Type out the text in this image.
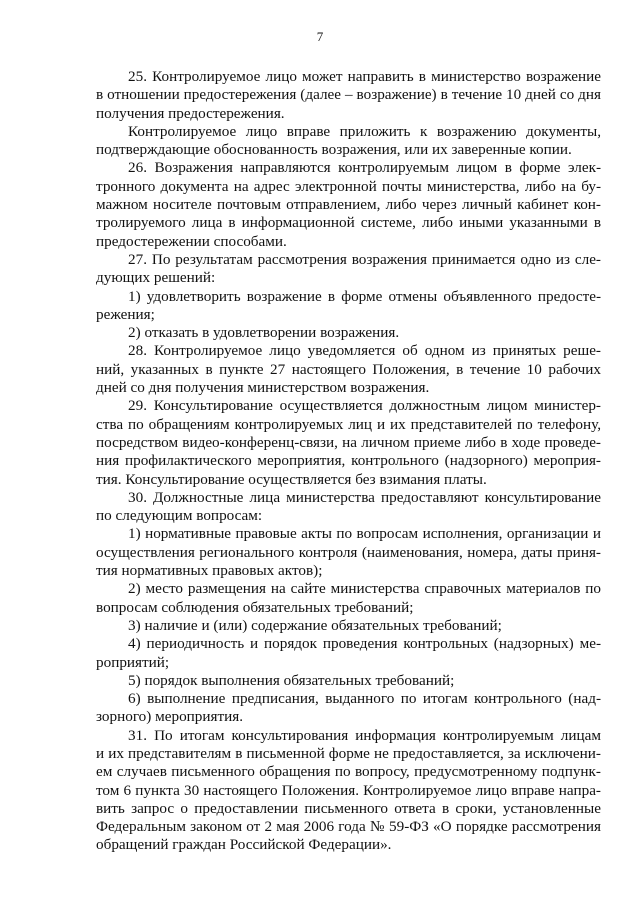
7
25. Контролируемое лицо может направить в министерство возражение
в отношении предостережения (далее – возражение) в течение 10 дней со дня
получения предостережения.
Контролируемое лицо вправе приложить к возражению документы,
подтверждающие обоснованность возражения, или их заверенные копии.
26. Возражения направляются контролируемым лицом в форме элек-
тронного документа на адрес электронной почты министерства, либо на бу-
мажном носителе почтовым отправлением, либо через личный кабинет кон-
тролируемого лица в информационной системе, либо иными указанными в
предостережении способами.
27. По результатам рассмотрения возражения принимается одно из сле-
дующих решений:
1) удовлетворить возражение в форме отмены объявленного предосте-
режения;
2) отказать в удовлетворении возражения.
28. Контролируемое лицо уведомляется об одном из принятых реше-
ний, указанных в пункте 27 настоящего Положения, в течение 10 рабочих
дней со дня получения министерством возражения.
29. Консультирование осуществляется должностным лицом министер-
ства по обращениям контролируемых лиц и их представителей по телефону,
посредством видео-конференц-связи, на личном приеме либо в ходе проведе-
ния профилактического мероприятия, контрольного (надзорного) мероприя-
тия. Консультирование осуществляется без взимания платы.
30. Должностные лица министерства предоставляют консультирование
по следующим вопросам:
1) нормативные правовые акты по вопросам исполнения, организации и
осуществления регионального контроля (наименования, номера, даты приня-
тия нормативных правовых актов);
2) место размещения на сайте министерства справочных материалов по
вопросам соблюдения обязательных требований;
3) наличие и (или) содержание обязательных требований;
4) периодичность и порядок проведения контрольных (надзорных) ме-
роприятий;
5) порядок выполнения обязательных требований;
6) выполнение предписания, выданного по итогам контрольного (над-
зорного) мероприятия.
31. По итогам консультирования информация контролируемым лицам
и их представителям в письменной форме не предоставляется, за исключени-
ем случаев письменного обращения по вопросу, предусмотренному подпунк-
том 6 пункта 30 настоящего Положения. Контролируемое лицо вправе напра-
вить запрос о предоставлении письменного ответа в сроки, установленные
Федеральным законом от 2 мая 2006 года № 59-ФЗ «О порядке рассмотрения
обращений граждан Российской Федерации».
